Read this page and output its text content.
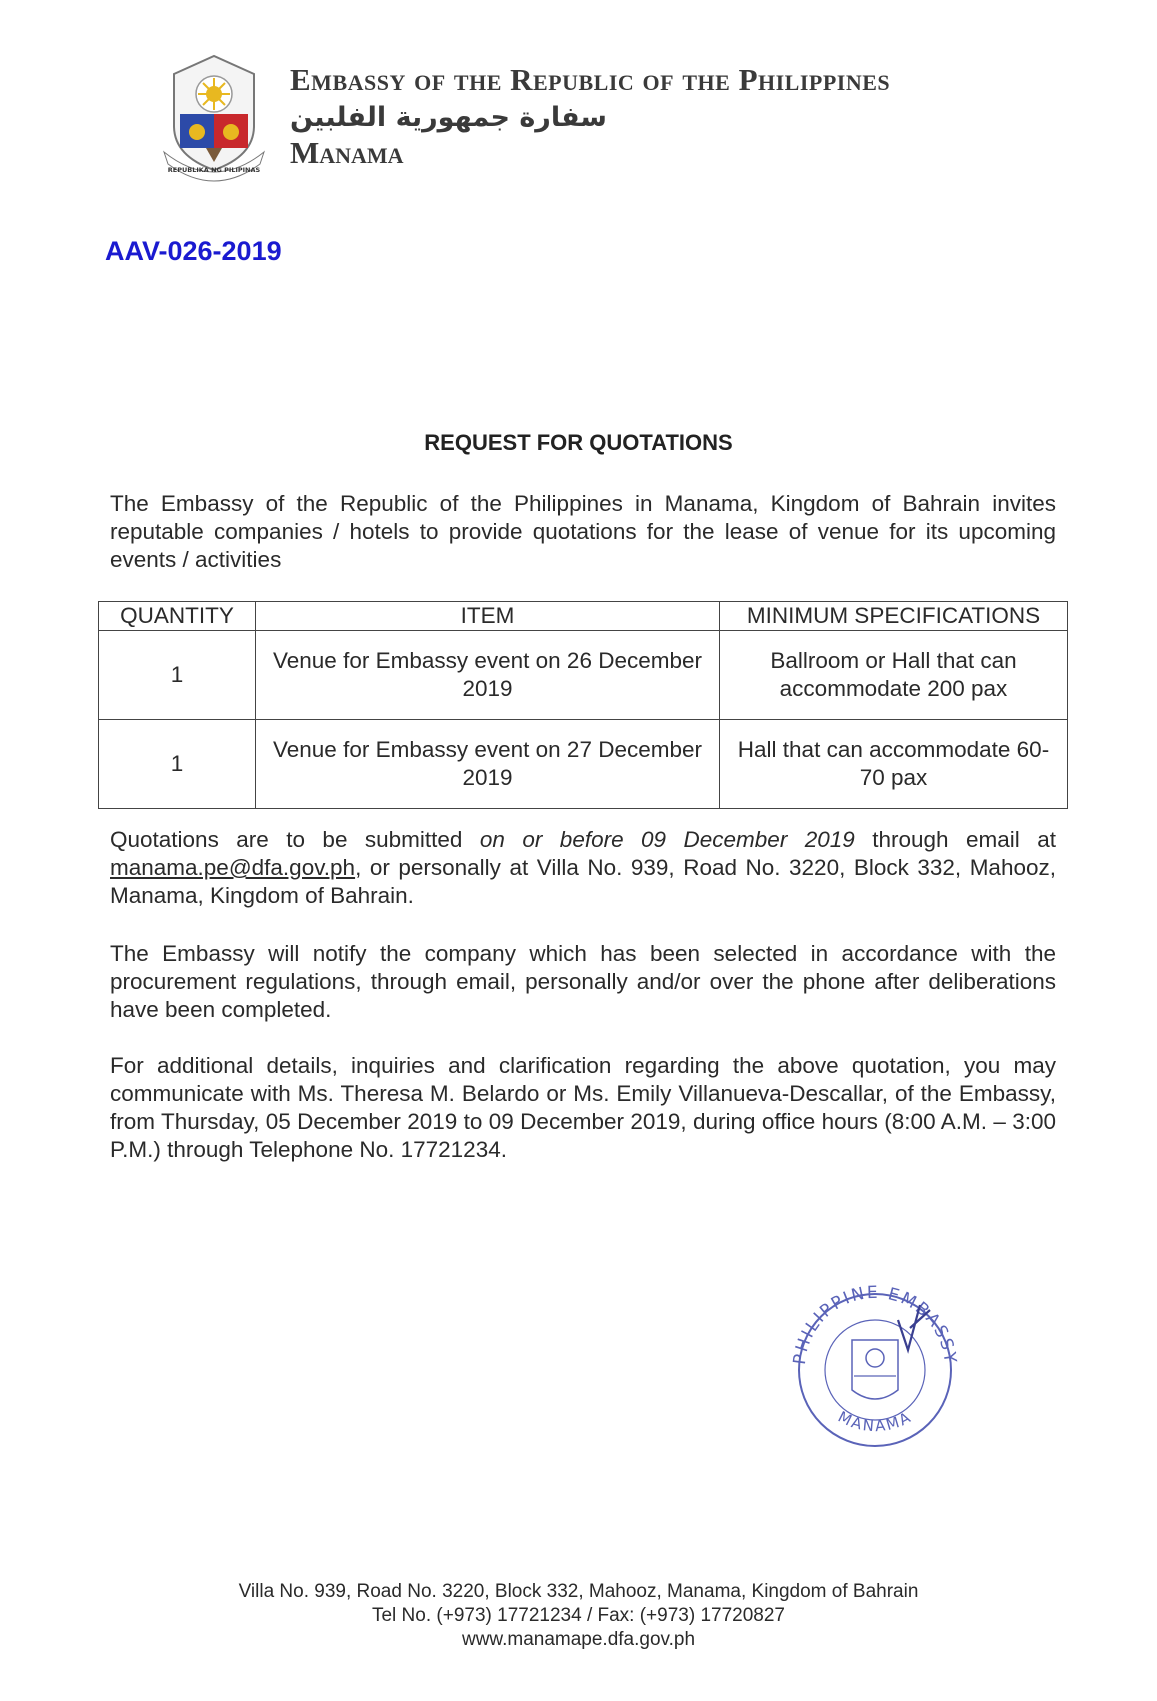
REPUBLIKA NG PILIPINAS
Embassy of the Republic of the Philippines
سفارة جمهورية الفلبين
Manama
AAV-026-2019
REQUEST FOR QUOTATIONS
The Embassy of the Republic of the Philippines in Manama, Kingdom of Bahrain invites reputable companies / hotels to provide quotations for the lease of venue for its upcoming events / activities
QUANTITY	ITEM	MINIMUM SPECIFICATIONS
1	Venue for Embassy event on 26 December 2019	Ballroom or Hall that can accommodate 200 pax
1	Venue for Embassy event on 27 December 2019	Hall that can accommodate 60-70 pax
Quotations are to be submitted on or before 09 December 2019 through email at manama.pe@dfa.gov.ph, or personally at Villa No. 939, Road No. 3220, Block 332, Mahooz, Manama, Kingdom of Bahrain.
The Embassy will notify the company which has been selected in accordance with the procurement regulations, through email, personally and/or over the phone after deliberations have been completed.
For additional details, inquiries and clarification regarding the above quotation, you may communicate with Ms. Theresa M. Belardo or Ms. Emily Villanueva-Descallar, of the Embassy, from Thursday, 05 December 2019 to 09 December 2019, during office hours (8:00 A.M. – 3:00 P.M.) through Telephone No. 17721234.
PHILIPPINE EMBASSY
MANAMA
Villa No. 939, Road No. 3220, Block 332, Mahooz, Manama, Kingdom of Bahrain
Tel No. (+973) 17721234 / Fax: (+973) 17720827
www.manamape.dfa.gov.ph
